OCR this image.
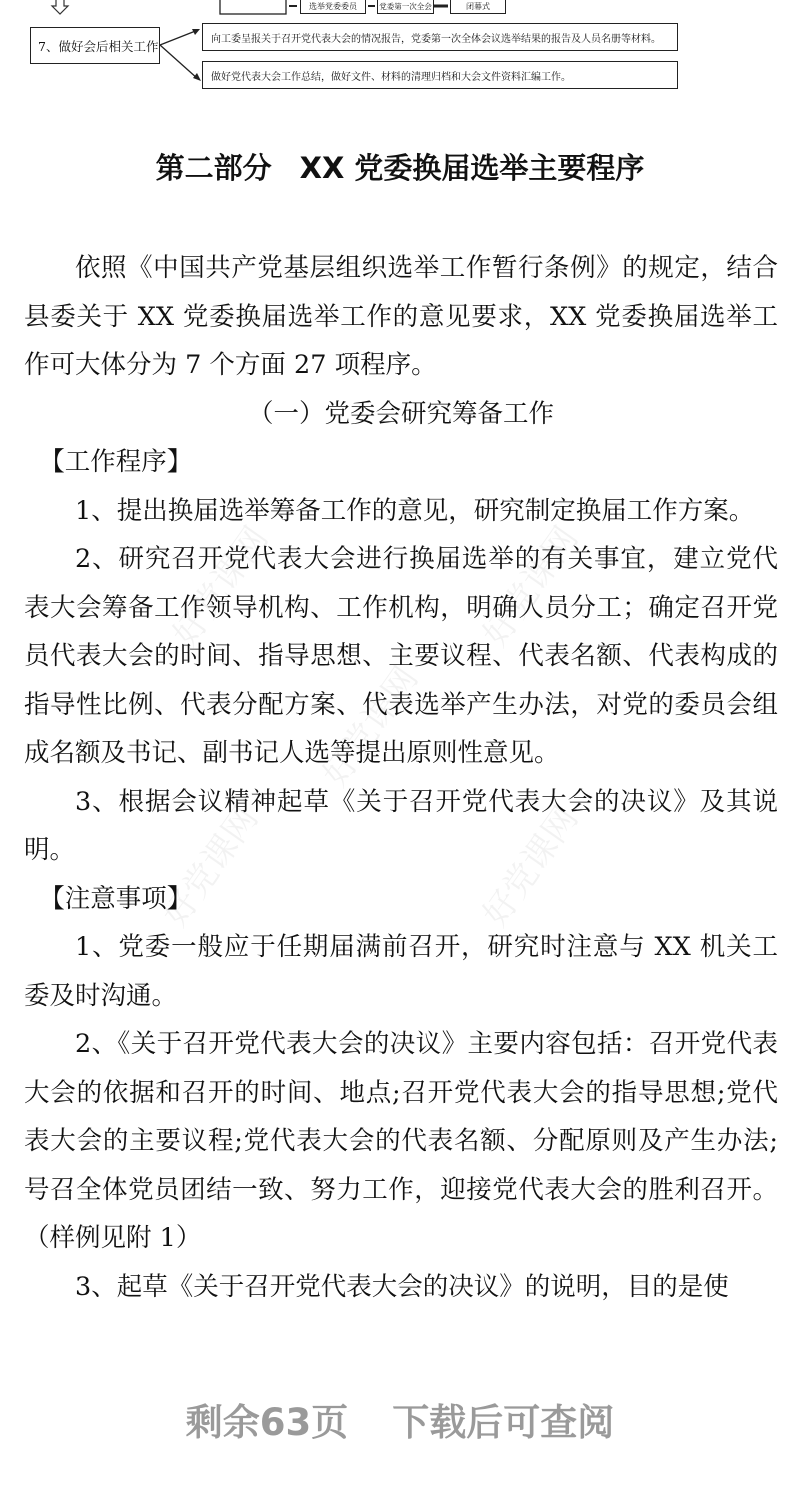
好党课网	好党课网
好党课网
好党课网	好党课网
选举党委委员	党委第一次全会	闭幕式
7、做好会后相关工作	向工委呈报关于召开党代表大会的情况报告，党委第一次全体会议选举结果的报告及人员名册等材料。
做好党代表大会工作总结，做好文件、材料的清理归档和大会文件资料汇编工作。
第二部分 XX 党委换届选举主要程序

依照《中国共产党基层组织选举工作暂行条例》的规定，结合县委关于 XX 党委换届选举工作的意见要求，XX 党委换届选举工作可大体分为 7 个方面 27 项程序。

（一）党委会研究筹备工作

【工作程序】

1、提出换届选举筹备工作的意见，研究制定换届工作方案。

2、研究召开党代表大会进行换届选举的有关事宜，建立党代表大会筹备工作领导机构、工作机构，明确人员分工；确定召开党员代表大会的时间、指导思想、主要议程、代表名额、代表构成的指导性比例、代表分配方案、代表选举产生办法，对党的委员会组成名额及书记、副书记人选等提出原则性意见。

3、根据会议精神起草《关于召开党代表大会的决议》及其说明。

【注意事项】

1、党委一般应于任期届满前召开，研究时注意与 XX 机关工委及时沟通。

2、《关于召开党代表大会的决议》主要内容包括：召开党代表大会的依据和召开的时间、地点;召开党代表大会的指导思想;党代表大会的主要议程;党代表大会的代表名额、分配原则及产生办法;号召全体党员团结一致、努力工作，迎接党代表大会的胜利召开。（样例见附 1）

3、起草《关于召开党代表大会的决议》的说明，目的是使

剩余63页 下载后可查阅
